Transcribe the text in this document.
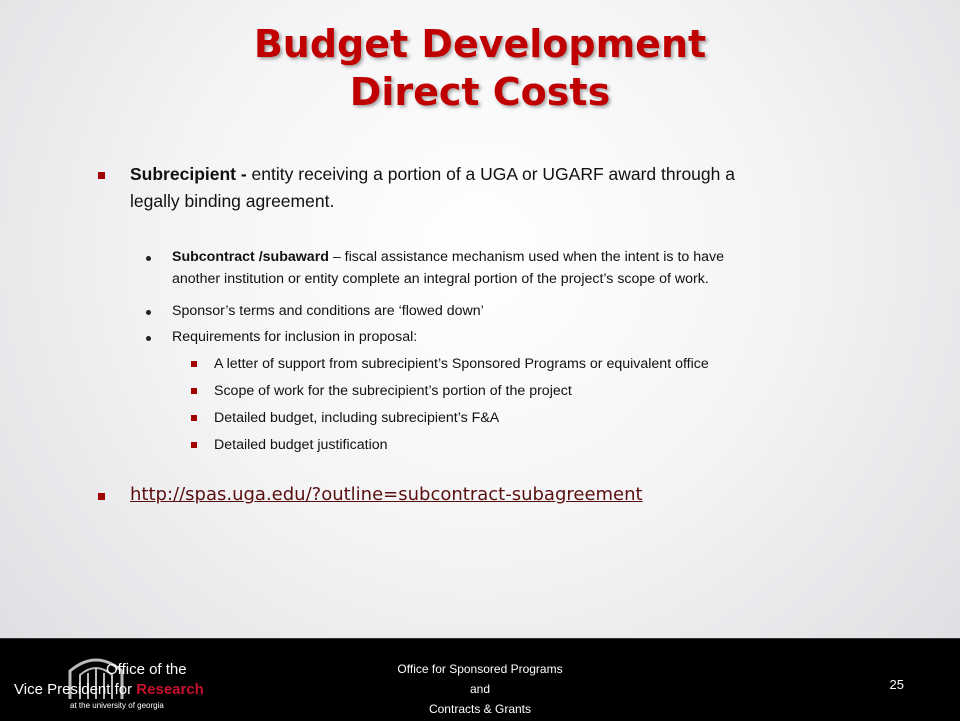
Budget Development
Direct Costs
Subrecipient - entity receiving a portion of a UGA or UGARF award through a
legally binding agreement.
Subcontract /subaward – fiscal assistance mechanism used when the intent is to have
another institution or entity complete an integral portion of the project’s scope of work.
Sponsor’s terms and conditions are ‘flowed down’
Requirements for inclusion in proposal:
A letter of support from subrecipient’s Sponsored Programs or equivalent office
Scope of work for the subrecipient’s portion of the project
Detailed budget, including subrecipient’s F&A
Detailed budget justification
http://spas.uga.edu/?outline=subcontract-subagreement
Office of the
Vice President for Research
at the university of georgia
Office for Sponsored Programs
and
Contracts & Grants
25
